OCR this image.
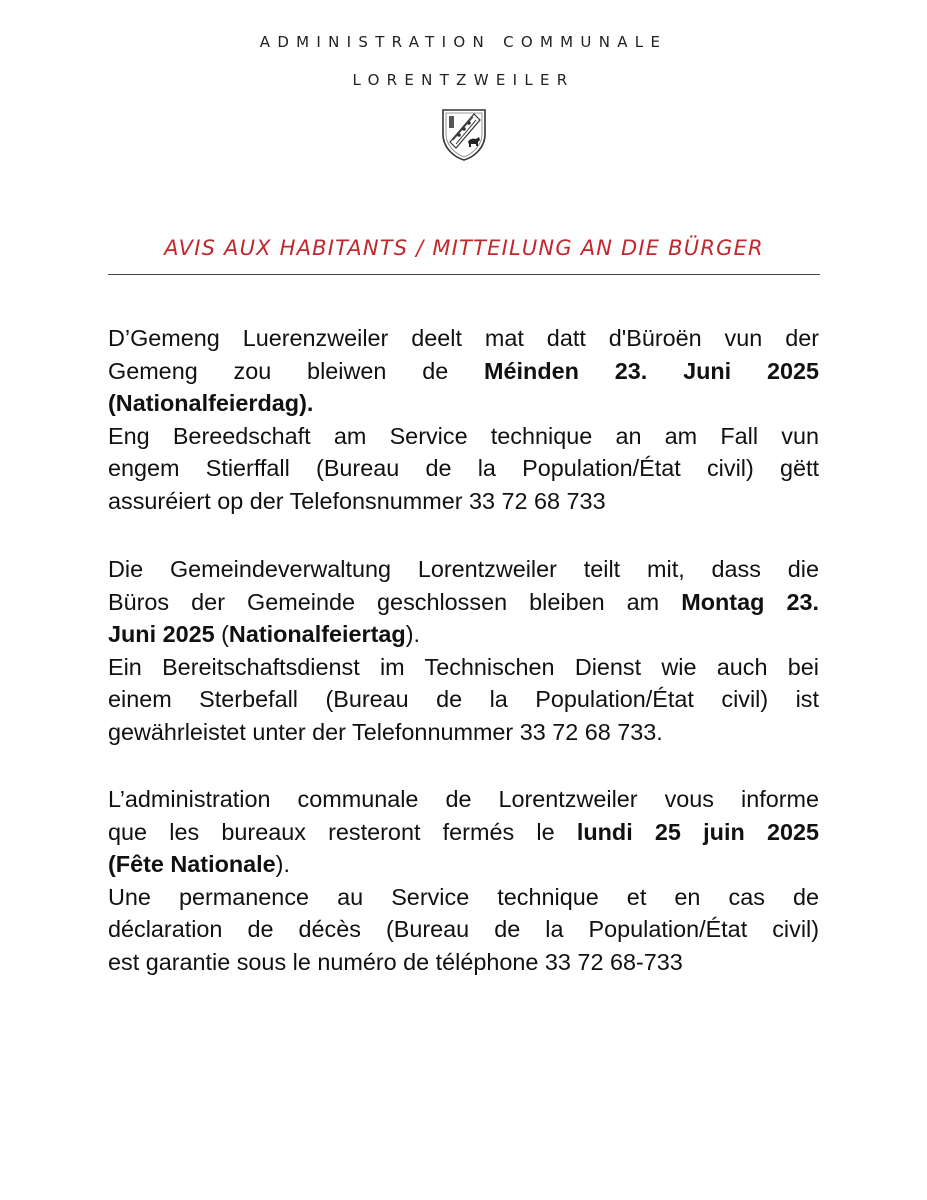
ADMINISTRATION COMMUNALE
LORENTZWEILER
AVIS AUX HABITANTS / MITTEILUNG AN DIE BÜRGER
D’Gemeng Luerenzweiler deelt mat datt d'Büroën vun der
Gemeng zou bleiwen de Méinden 23. Juni 2025
(Nationalfeierdag).
Eng Bereedschaft am Service technique an am Fall vun
engem Stierffall (Bureau de la Population/État civil) gëtt
assuréiert op der Telefonsnummer 33 72 68 733
Die Gemeindeverwaltung Lorentzweiler teilt mit, dass die
Büros der Gemeinde geschlossen bleiben am Montag 23.
Juni 2025 (Nationalfeiertag).
Ein Bereitschaftsdienst im Technischen Dienst wie auch bei
einem Sterbefall (Bureau de la Population/État civil) ist
gewährleistet unter der Telefonnummer 33 72 68 733.
L’administration communale de Lorentzweiler vous informe
que les bureaux resteront fermés le lundi 25 juin 2025
(Fête Nationale).
Une permanence au Service technique et en cas de
déclaration de décès (Bureau de la Population/État civil)
est garantie sous le numéro de téléphone 33 72 68-733
